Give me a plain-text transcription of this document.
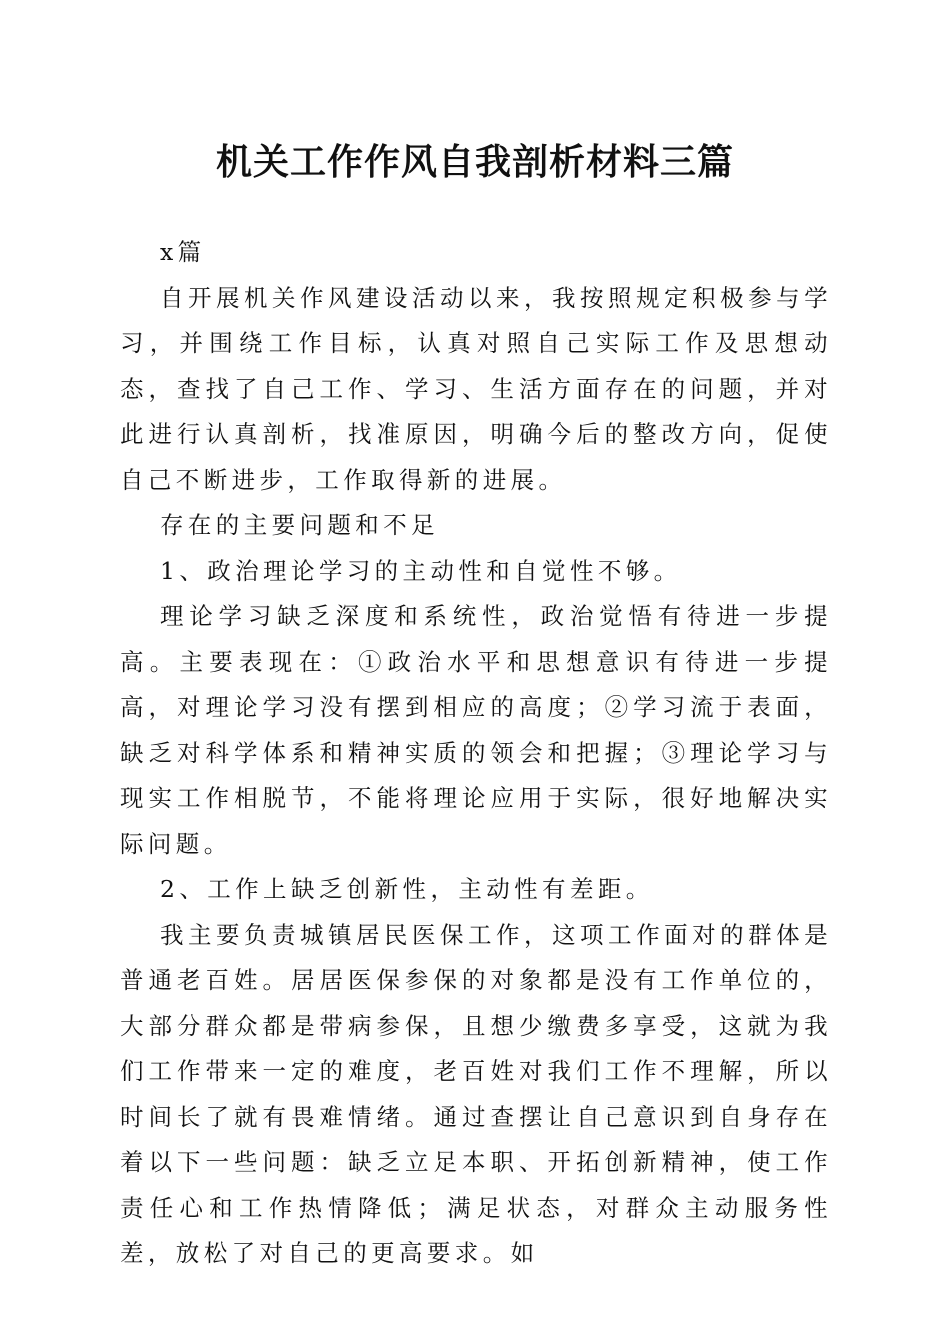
机关工作作风自我剖析材料三篇

x篇

自开展机关作风建设活动以来，我按照规定积极参与学习，并围绕工作目标，认真对照自己实际工作及思想动态，查找了自己工作、学习、生活方面存在的问题，并对此进行认真剖析，找准原因，明确今后的整改方向，促使自己不断进步，工作取得新的进展。

存在的主要问题和不足

1、政治理论学习的主动性和自觉性不够。

理论学习缺乏深度和系统性，政治觉悟有待进一步提高。主要表现在：①政治水平和思想意识有待进一步提高，对理论学习没有摆到相应的高度；②学习流于表面，缺乏对科学体系和精神实质的领会和把握；③理论学习与现实工作相脱节，不能将理论应用于实际，很好地解决实际问题。

2、工作上缺乏创新性，主动性有差距。

我主要负责城镇居民医保工作，这项工作面对的群体是普通老百姓。居居医保参保的对象都是没有工作单位的，大部分群众都是带病参保，且想少缴费多享受，这就为我们工作带来一定的难度，老百姓对我们工作不理解，所以时间长了就有畏难情绪。通过查摆让自己意识到自身存在着以下一些问题：缺乏立足本职、开拓创新精神，使工作责任心和工作热情降低；满足状态，对群众主动服务性差，放松了对自己的更高要求。如
